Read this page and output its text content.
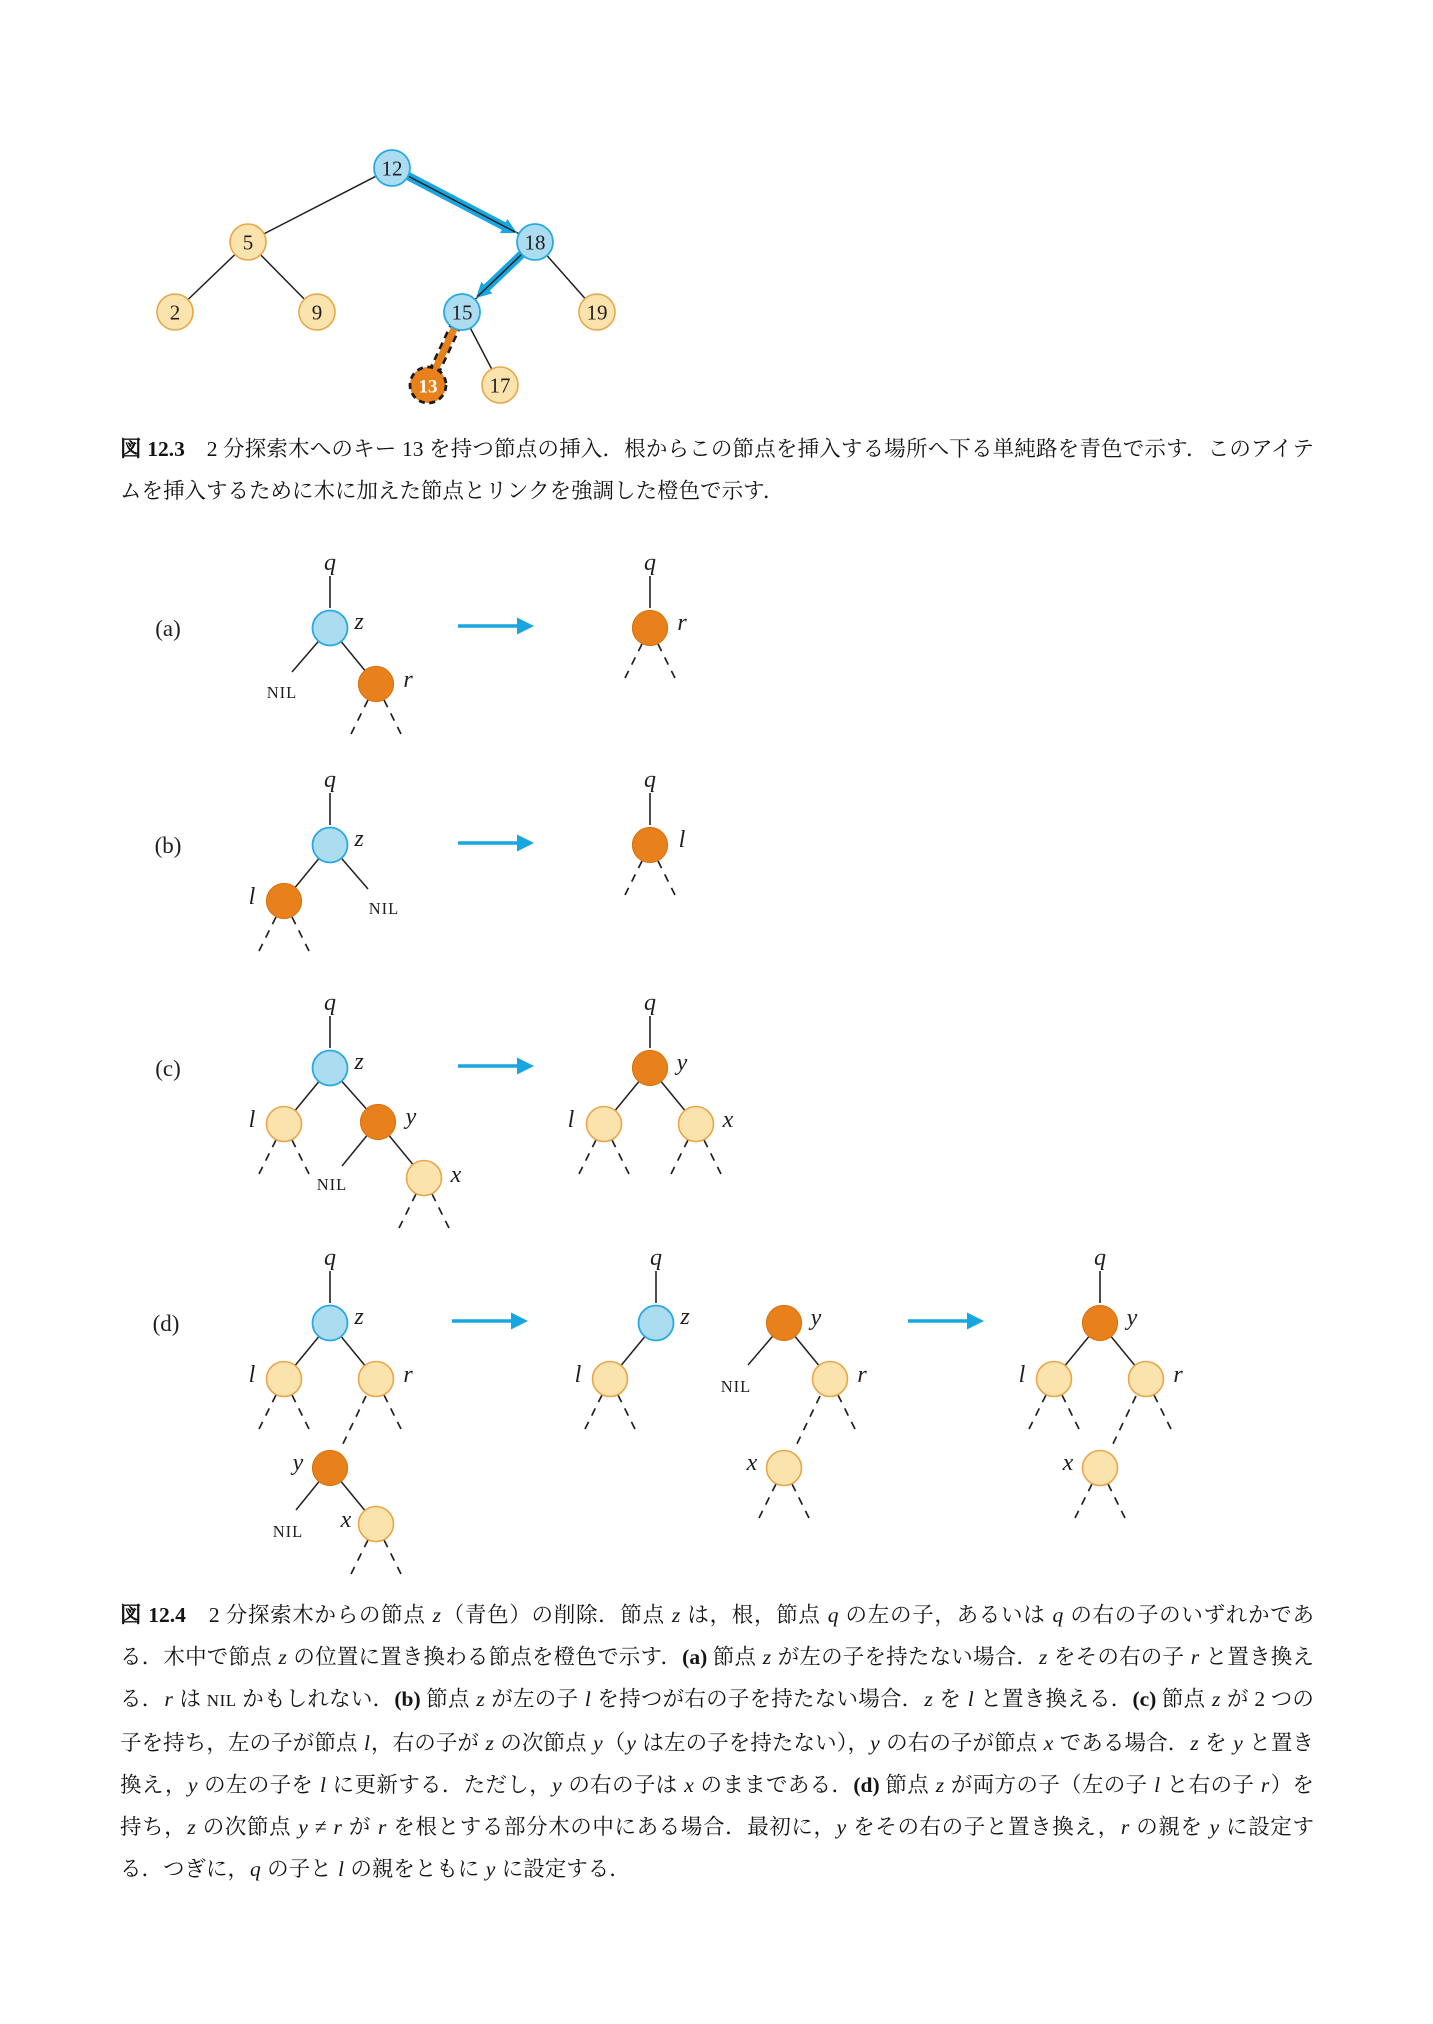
12
5	18
2	9	15	19
17
13
(a)
(b)
(c)
(d)
q	q
z
r
r
q	q
z
l
l
q	q
z
l	y
x
y
l	x
q	q	q
z
l	r
y
x
z
l
y
r
x
y
l	r
x
NIL
NIL
NIL
NIL
NIL
図 12.3　2 分探索木へのキー 13 を持つ節点の挿入．根からこの節点を挿入する場所へ下る単純路を青色で示す．このアイテムを挿入するために木に加えた節点とリンクを強調した橙色で示す．
図 12.4　2 分探索木からの節点 z（青色）の削除．節点 z は，根，節点 q の左の子，あるいは q の右の子のいずれかである．木中で節点 z の位置に置き換わる節点を橙色で示す．(a) 節点 z が左の子を持たない場合．z をその右の子 r と置き換える．r は NIL かもしれない．(b) 節点 z が左の子 l を持つが右の子を持たない場合．z を l と置き換える．(c) 節点 z が 2 つの子を持ち，左の子が節点 l，右の子が z の次節点 y（y は左の子を持たない），y の右の子が節点 x である場合．z を y と置き換え，y の左の子を l に更新する．ただし，y の右の子は x のままである．(d) 節点 z が両方の子（左の子 l と右の子 r）を持ち，z の次節点 y ≠ r が r を根とする部分木の中にある場合．最初に，y をその右の子と置き換え，r の親を y に設定する．つぎに，q の子と l の親をともに y に設定する．
